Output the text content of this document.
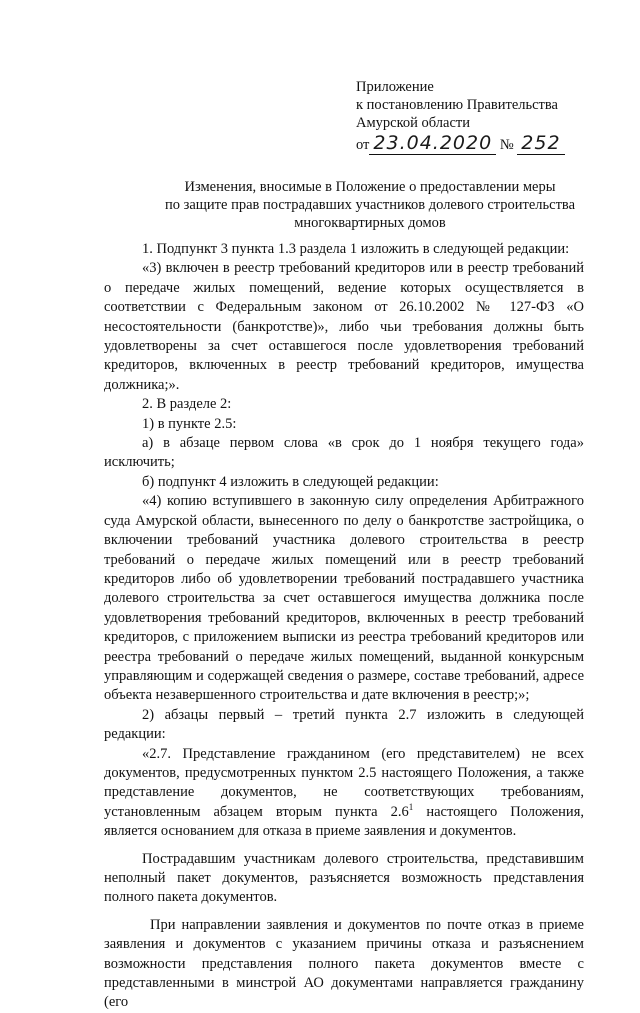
Приложение
к постановлению Правительства
Амурской области
от 23.04.2020 № 252
Изменения, вносимые в Положение о предоставлении меры
по защите прав пострадавших участников долевого строительства
многоквартирных домов

1. Подпункт 3 пункта 1.3 раздела 1 изложить в следующей редакции:

«3) включен в реестр требований кредиторов или в реестр требований о передаче жилых помещений, ведение которых осуществляется в соответствии с Федеральным законом от 26.10.2002 № 127-ФЗ «О несостоятельности (банкротстве)», либо чьи требования должны быть удовлетворены за счет оставшегося после удовлетворения требований кредиторов, включенных в реестр требований кредиторов, имущества должника;».

2. В разделе 2:

1) в пункте 2.5:

а) в абзаце первом слова «в срок до 1 ноября текущего года» исключить;

б) подпункт 4 изложить в следующей редакции:

«4) копию вступившего в законную силу определения Арбитражного суда Амурской области, вынесенного по делу о банкротстве застройщика, о включении требований участника долевого строительства в реестр требований о передаче жилых помещений или в реестр требований кредиторов либо об удовлетворении требований пострадавшего участника долевого строительства за счет оставшегося имущества должника после удовлетворения требований кредиторов, включенных в реестр требований кредиторов, с приложением выписки из реестра требований кредиторов или реестра требований о передаче жилых помещений, выданной конкурсным управляющим и содержащей сведения о размере, составе требований, адресе объекта незавершенного строительства и дате включения в реестр;»;

2) абзацы первый – третий пункта 2.7 изложить в следующей редакции:

«2.7. Представление гражданином (его представителем) не всех документов, предусмотренных пунктом 2.5 настоящего Положения, а также представление документов, не соответствующих требованиям, установленным абзацем вторым пункта $2.6^1$ настоящего Положения, является основанием для отказа в приеме заявления и документов.

Пострадавшим участникам долевого строительства, представившим неполный пакет документов, разъясняется возможность представления полного пакета документов.

При направлении заявления и документов по почте отказ в приеме заявления и документов с указанием причины отказа и разъяснением возможности представления полного пакета документов вместе с представленными в минстрой АО документами направляется гражданину (его
